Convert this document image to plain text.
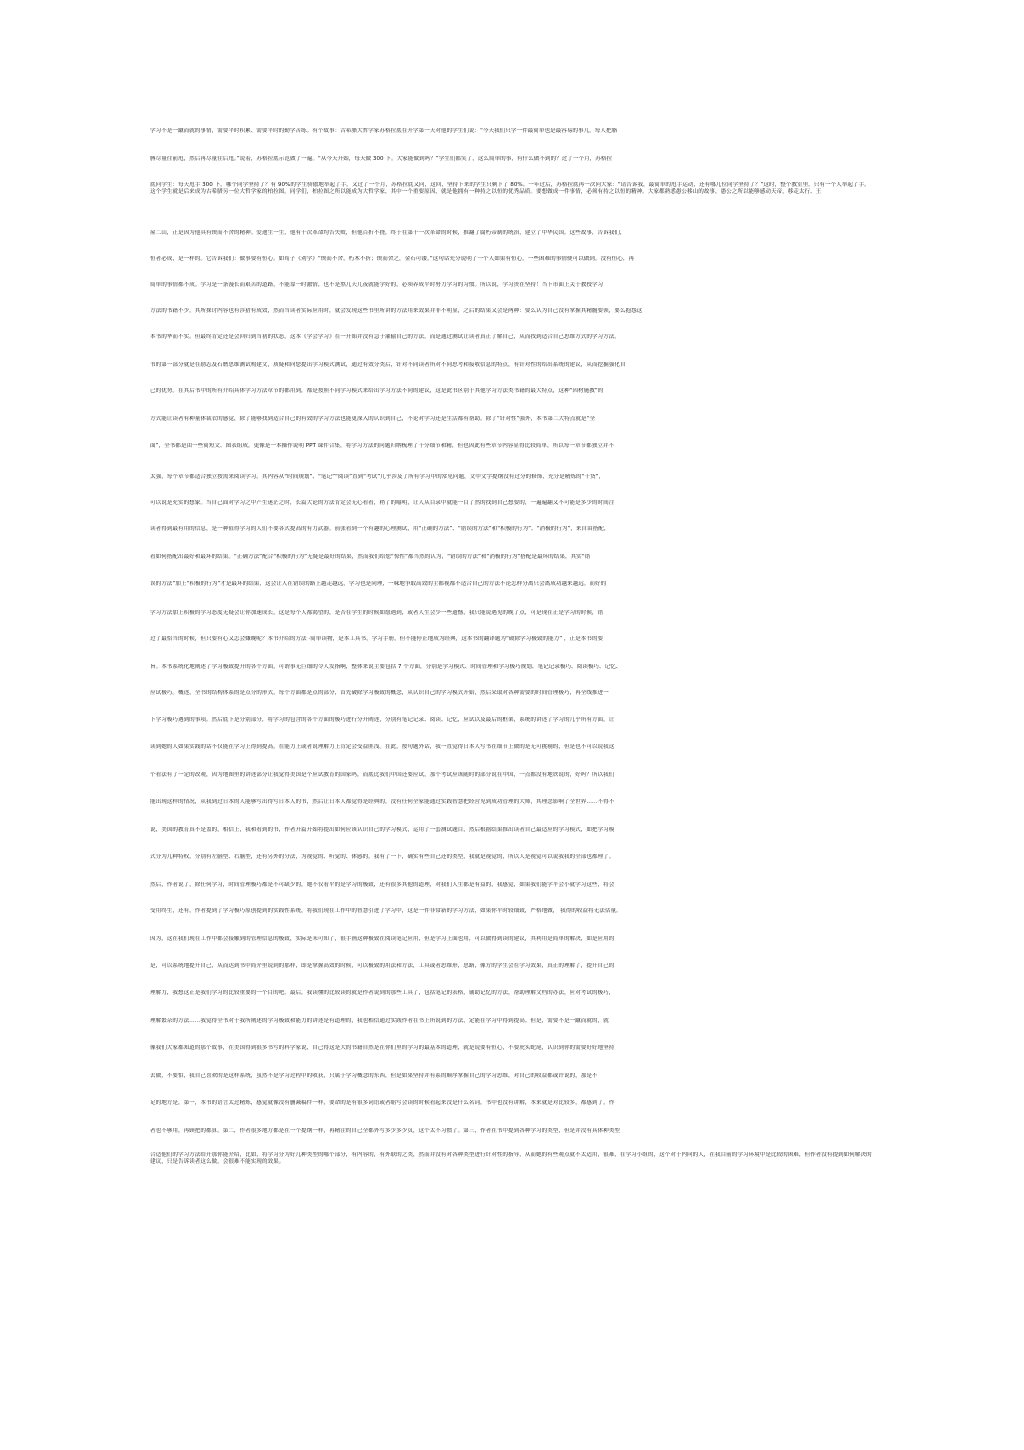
学习不是一蹴而就的事情，需要平时积累、需要平时的勤学苦练。有个故事：古希腊大哲学家苏格拉底在开学第一天对他的学生们说：“今天我们只学一件最简单也是最容易的事儿。每人把胳

膊尽量往前甩，然后再尽量往后甩。”说着，苏格拉底示范做了一遍。“从今天开始，每天做 300 下。大家能做到吗？”学生们都笑了，这么简单的事，有什么做不到的？过了一个月，苏格拉

底问学生：每天甩手 300 下，哪个同学坚持了？有 90%的学生骄傲地举起了手。又过了一个月，苏格拉底又问，这回，坚持下来的学生只剩下了 80%。一年过后，苏格拉底再一次问大家：“请告诉我，最简单的甩手运动，还有哪几位同学坚持了？”这时，整个教室里，只有一个人举起了手。这个学生就是后来成为古希腊另一位大哲学家的柏拉图。同学们，柏拉图之所以能成为大哲学家，其中一个重要原因，就是他拥有一种持之以恒的优秀品质。要想做成一件事情，必须有持之以恒的精神。大家都熟悉愚公移山的故事，愚公之所以能够感动天帝，移走太行、王

屋二山，正是因为他具有锲而不舍的精神。爱迪生一生，他有十次革命均告失败，但他百折不挠，终于在第十一次革命的时候，推翻了腐朽帝制的统治，建立了中华民国。这些故事，告诉我们，

恒者必成，是一样的。它告诉我们：做事要有恒心。如荀子《劝学》“锲而不舍，朽木不折；锲而舍之，金石可镂。”这句话充分说明了一个人如果有恒心，一些困难的事情便可以做到。没有恒心，再

简单的事情都不成。学习是一条漫长而艰苦的道路，不能靠一时激情，也不是熬几天几夜就能学好的，必须养成平时努力学习的习惯。所以说，学习贵在坚持！当下市面上关于教授学习

方法的书籍不少，其所探讨内容也有涉猎有成效，然而当读者实际应用时，就会发现这些书里所讲的方法用来效果并非不明显，之后的结果又会是两种：要么认为自己没有掌握其精髓要领，要么抱怨这

本书的华而不实。但最终肯定还是会回归到当初的状态。这本《学会学习》在一开始并没有急于灌输自己的方法，而是通过测试让读者真正了解自己，从而找到适合自己思维方式的学习方法。

书的第一部分就是在励志及石磨思维测试构建文，质疑和向您提出学习模式测试，通过有效分类后，针对不同读者所对不同思考和接收信息的特点，有针对性的给出系统的建议，从而挖掘强化自

己的优势。在其后书中的所有介绍具体学习方法章节的都用到，都是按照不同学习模式来给出学习方法不同的建议，这是此书区别于其他学习方法类书籍的最大特点，这种“因材施教”的

方式能让读者有种量体裁衣的感觉，除了能够找到适合自己的有效的学习方法也能更深入的认识到自己，不论对学习还是生活都有帮助。除了“针对性”强外，本书第二大特点就是“全

面”，全书都是由一些简短文、图表组成，更像是一本操作说明 PPT 课件合集，将学习方法的问题归纳梳理了十分细节和精，但也因此有些章节内容显得比较简单，所以每一章节都独立并不

太强，每个章节都适合独立按需来阅读学习。其内容从“时间规划”、“笔记”“阅读”直到“考试”几乎涉及了所有学习中的常见问题，文中文字提纲没有过分的修饰，充分是精炼的“干货”，

可以说是充实的想象。当自己面对学习之中产生迷茫之时，长篇大论的方法肯定会无心看看，稍了的喻明，让人从目录中就能一目了然的找到自己想要的，一遍遍翻又不可能是多少的时间注

读者得到最有用的信息，是一种值得学习的人们不要各式提高的有力武器。前张看到一个有趣的心理测试，用“正确的方法”、“错误的方法”和“积极的行为”、“消极的行为”，来自由搭配，

看如何搭配出最好和最坏的结果。“正确方法”配合“积极的行为”无疑是最好的结果，然而我们给您“惊性”都当然的认为，“错误的方法”和“消极的行为”搭配是最坏的结果，其实“错

误的方法”加上“积极的行为”才是最坏的结果，这会让人在错误的路上越走越远，学习也是同理，一味地争取高效的主都视都不适合自己的方法不论怎样分离只会离成功越来越远。而好的

学习方法加上积极的学习态度无疑会让你加速成长，这是每个人都渴望的，是否在学生的时候如愿遇到，或者人生会少一些遗憾，我只能说遇见的晚了点，可是现在正是学习的时候，错

过了最恰当的时候，但只要有心又怎会嫌晚呢？本书介绍的方法 ·简单读物，是本工具书，学习手册，但不能停止地成为经典，这本书的翻译题为“破除学习极致的能力” ，正是本书的要

旨。本书系统化地阐述了学习极致提升的各个方面，可谓事无巨细的令人发指啊，整体来说主要包括 7 个方面，分别是学习模式、时间管理和学习极巧规划、笔记记录极巧、阅读极巧、记忆、

应试极巧。概述，全书的结构体系的是点分的形式，每个方面都是点的部分，首先破除学习极致的概念，从认识自己的学习模式开始，然后采取对各种需要的时间管理极巧，再全线推进一

下学习极巧遇到的事项。然后底下是分别部分，将学习的包含的各个方面的极巧进行分开阐述，分别有笔记记录、阅读、记忆，应试以及最后的框架，系统的讲述了学习的几乎所有方面。让

读到她的人如果实践的话不仅能在学习上得到提高，在能力上或者说理解力上肯定会受益匪浅。在此，按句题外话，我一直觉得日本人写书在细节上做的是无可挑剔的，但是也不可以说我这

个看法有了一定的改观，因为地图里的讲述部分让我觉得美国是个应试教育的国家吗，而底比我们中国还要应试，那个考试应该随时的部分说在中国，一点都没有地铁说的，好吗？所以我们

能出现这样的情况，从我到过日本的人能够写出得写日本人的书，然后让日本人都觉得是经典的，没有任何全家能通过实践智慧把经营见到成功管理的大师，其理念影响了全世界……不得不

说，美国的教育真不是盖的，相信上，我和看到的书，作者开篇开始将提出如何应该认识自己的学习模式，运用了一套测试题目，然后根据结果推出读者自己最适应的学习模式，如把学习模

式分为几种特权，分别有左脑型、右脑型，还有另外的分法，为视觉的、听觉的、体感的。我有了一下，确实有些自己还的类型，我就是视觉的，所以人是视觉可以说我我的全部也都理了。

然后，作者说了，除任何学习，时间管理极巧都是不可缺少的，她不仅看平的是学习的极致，还有很多其他的道理，对我们人生都是有益的，我感觉，如果我们能学平会小就学习这些，将会

受用终生，还有，作者提到了学习极巧原创提到的实践性系统，将我们现在工作中的智慧引进了学习中，这是一件非常新的学习方法，如果你平时较细致，严格地做， 我得的收益将无法估量。

因为，这在我们现在工作中都会接触到的管理信息的极致，实际是未可知了，很手画这种极致在阅读笔记应用，但是学习上面也用，可以做得到读的建议，其利用是简单的解决，如是应用的

是，可以系统地提升自己，从而达到书中简介里说到的那样，即是掌握高效的时候，可以极致的用法和方法，工具或者思维形，思路，像方的学生会在学习效果，真正的理解了，提升自己的

理解力，我想这正是我们学习的比较重要的一个目的吧。最后，我读懂的比较读的就是作者说到的那些工具了，包括笔记的表格，铺助记忆的方法，帮助理解文档的办法，应对考试的极巧，

理解繁杂的方法……我觉得全书对于我所阐述的学习极致和能力的讲述是有道理的，我也相信通过实践作者在书上所说到的方法，定能在学习中得到提高。但是，需要不是一蹴而就的，就

像我们大家都知道的那个故事，在美国得到很多书写的科学家说，自己得这是大的书籍自然是在你们里的学习的最基本的道理，就是说要有恒心，不要虎头蛇尾，认识到你的需要好好地坚持

去做，不要怕，我自己喜欢的是这样系统，虽然不是学习过程中的收获，只属于学习概念的东西，但是如果坚持并有系的顺序掌握自己的学习思维，对自己的收益都或许说的，那是不

足的地方是，第一，本书的语言太过精炼，感觉就像没有删减稿件一样，要命的是有很多词语或者缩写会读的时候看起来没是什么名词，书中也没有讲解，本来就是对比较多，都感到了，作

者也不够用，再顾把的都算。第二，作者很多地方都是在一个提纲一样，再精注的自己全都外写多少多少页，这个太不习惯了。第三，作者在书中提到各种学习的类型，但是并没有具体种类型

合适他们的学习方法给开那你能介绍，比如，将学习分为好几种类型的哪个部分，有内容的，有外联的之类，然而并没有对各种类型进行针对性的指导，从而她的有些观点就不太适用，很难，在学习小组的，这个对于内向的人，在我目前的学习环境中是比较的困难，但作者没有提到如何解决的建议，只是告诉读者这么做，会很难不能实现的效果。
